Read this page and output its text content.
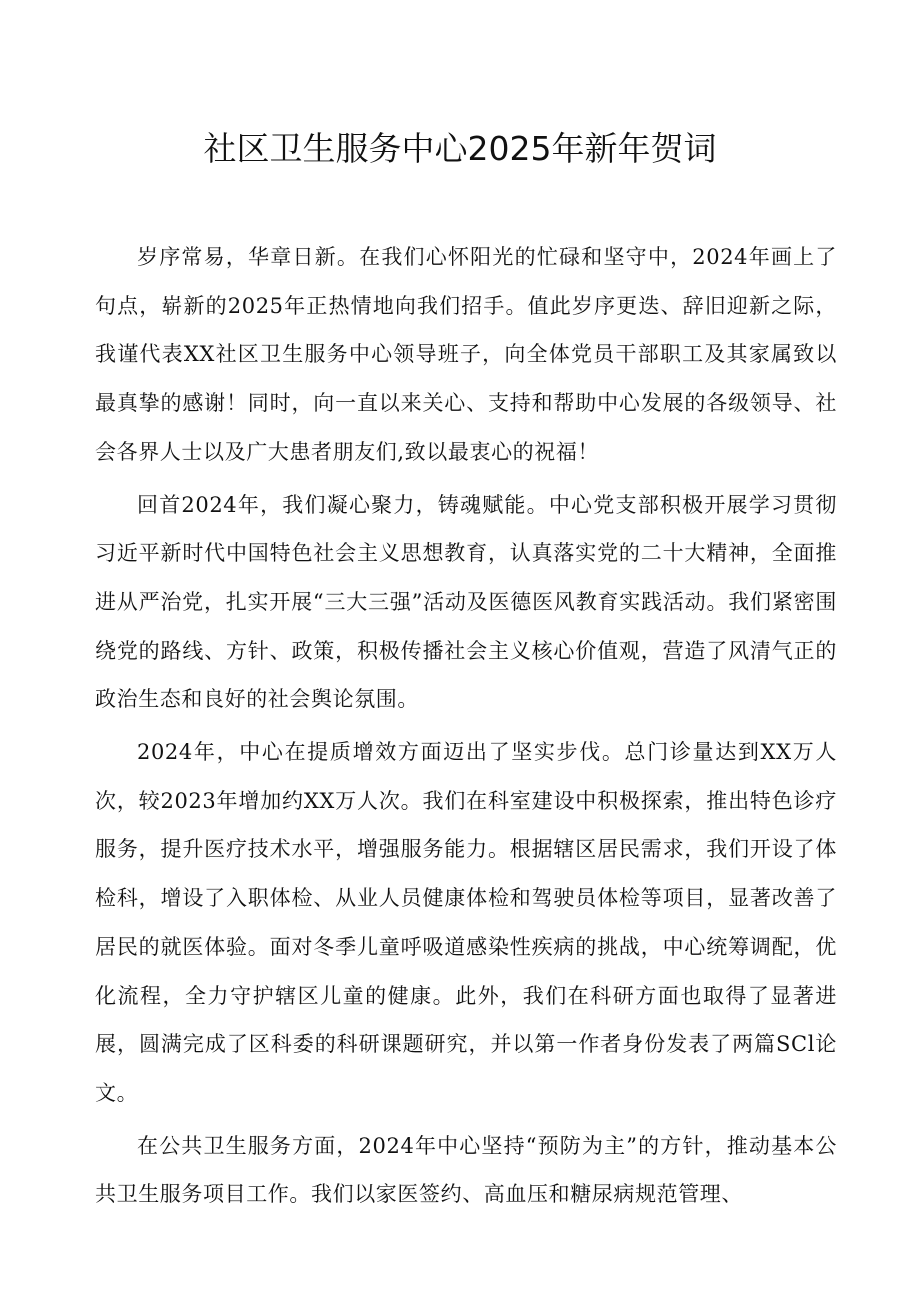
社区卫生服务中心2025年新年贺词

岁序常易，华章日新。在我们心怀阳光的忙碌和坚守中，2024年画上了句点，崭新的2025年正热情地向我们招手。值此岁序更迭、辞旧迎新之际，我谨代表XX社区卫生服务中心领导班子，向全体党员干部职工及其家属致以最真挚的感谢！同时，向一直以来关心、支持和帮助中心发展的各级领导、社会各界人士以及广大患者朋友们,致以最衷心的祝福！

回首2024年，我们凝心聚力，铸魂赋能。中心党支部积极开展学习贯彻习近平新时代中国特色社会主义思想教育，认真落实党的二十大精神，全面推进从严治党，扎实开展“三大三强”活动及医德医风教育实践活动。我们紧密围绕党的路线、方针、政策，积极传播社会主义核心价值观，营造了风清气正的政治生态和良好的社会舆论氛围。

2024年，中心在提质增效方面迈出了坚实步伐。总门诊量达到XX万人次，较2023年增加约XX万人次。我们在科室建设中积极探索，推出特色诊疗服务，提升医疗技术水平，增强服务能力。根据辖区居民需求，我们开设了体检科，增设了入职体检、从业人员健康体检和驾驶员体检等项目，显著改善了居民的就医体验。面对冬季儿童呼吸道感染性疾病的挑战，中心统筹调配，优化流程，全力守护辖区儿童的健康。此外，我们在科研方面也取得了显著进展，圆满完成了区科委的科研课题研究，并以第一作者身份发表了两篇SCl论文。

在公共卫生服务方面，2024年中心坚持“预防为主”的方针，推动基本公共卫生服务项目工作。我们以家医签约、高血压和糖尿病规范管理、
